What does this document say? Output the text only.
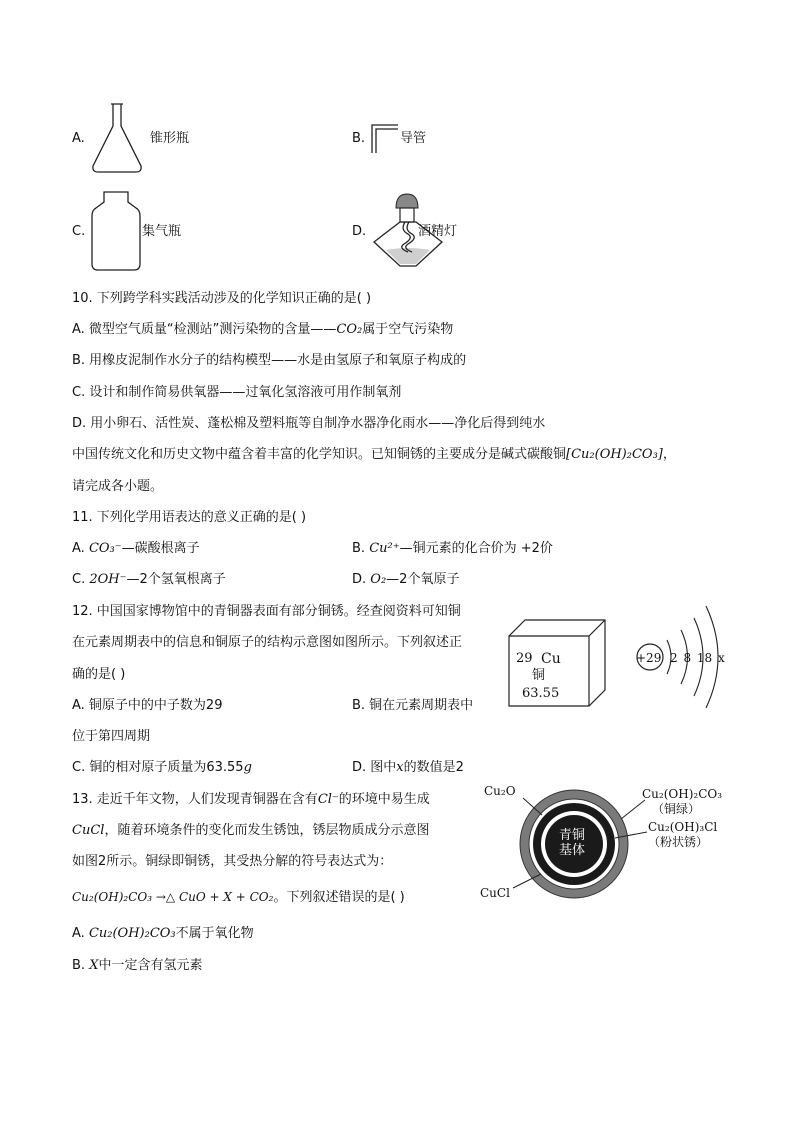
A.	锥形瓶	B.	导管
C.	集气瓶	D.	酒精灯
10. 下列跨学科实践活动涉及的化学知识正确的是( )
A. 微型空气质量“检测站”测污染物的含量——CO₂属于空气污染物
B. 用橡皮泥制作水分子的结构模型——水是由氢原子和氧原子构成的
C. 设计和制作简易供氧器——过氧化氢溶液可用作制氧剂
D. 用小卵石、活性炭、蓬松棉及塑料瓶等自制净水器净化雨水——净化后得到纯水
中国传统文化和历史文物中蕴含着丰富的化学知识。已知铜锈的主要成分是碱式碳酸铜[Cu₂(OH)₂CO₃]，
请完成各小题。
11. 下列化学用语表达的意义正确的是( )
A. CO₃⁻—碳酸根离子	B. Cu²⁺—铜元素的化合价为 +2价
C. 2OH⁻—2个氢氧根离子	D. O₂—2个氧原子
12. 中国国家博物馆中的青铜器表面有部分铜锈。经查阅资料可知铜
在元素周期表中的信息和铜原子的结构示意图如图所示。下列叙述正
确的是( )
A. 铜原子中的中子数为29	B. 铜在元素周期表中
位于第四周期
C. 铜的相对原子质量为63.55g	D. 图中x的数值是2
29 Cu
铜
63.55
+29 2 8 18 x
13. 走近千年文物，人们发现青铜器在含有Cl⁻的环境中易生成
CuCl，随着环境条件的变化而发生锈蚀，锈层物质成分示意图
如图2所示。铜绿即铜锈，其受热分解的符号表达式为：
Cu₂(OH)₂CO₃ →△ CuO + X + CO₂。下列叙述错误的是( )
A. Cu₂(OH)₂CO₃不属于氧化物
B. X中一定含有氢元素
青铜
基体
Cu₂O
CuCl
Cu₂(OH)₂CO₃
（铜绿）
Cu₂(OH)₃Cl
（粉状锈）
